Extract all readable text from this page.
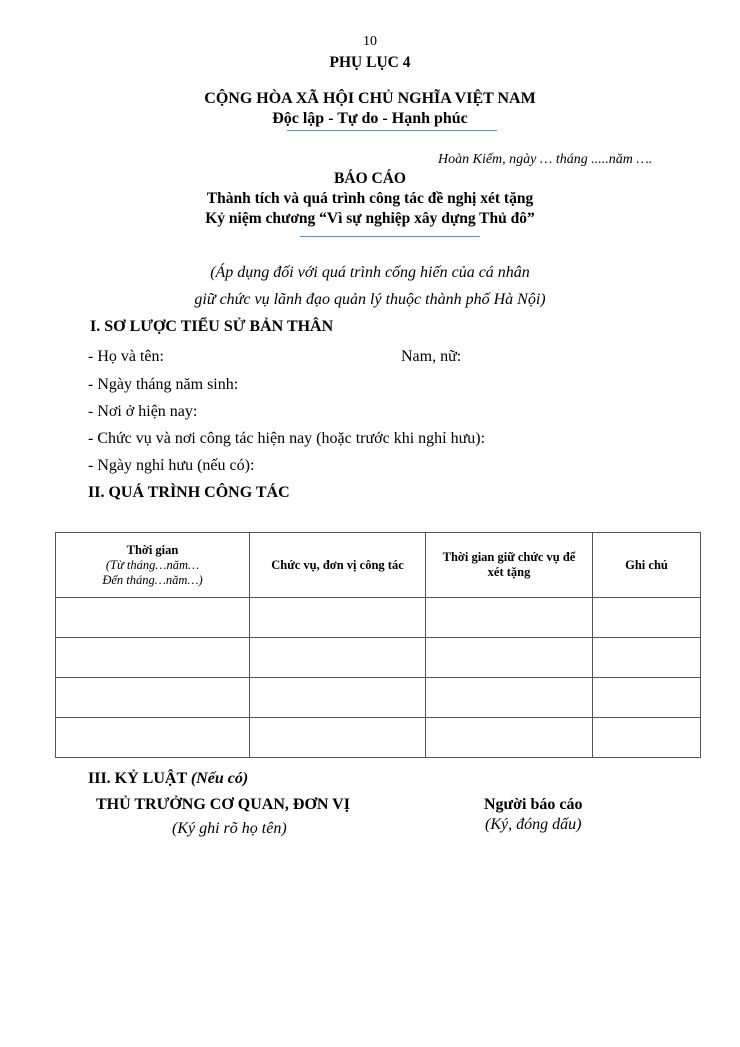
10
PHỤ LỤC 4
CỘNG HÒA XÃ HỘI CHỦ NGHĨA VIỆT NAM
Độc lập - Tự do - Hạnh phúc
Hoàn Kiếm, ngày … tháng .....năm ….
BÁO CÁO
Thành tích và quá trình công tác đề nghị xét tặng
Kỷ niệm chương “Vì sự nghiệp xây dựng Thủ đô”
(Áp dụng đối với quá trình cống hiến của cá nhân
giữ chức vụ lãnh đạo quản lý thuộc thành phố Hà Nội)
I. SƠ LƯỢC TIỂU SỬ BẢN THÂN
- Họ và tên:	Nam, nữ:
- Ngày tháng năm sinh:
- Nơi ở hiện nay:
- Chức vụ và nơi công tác hiện nay (hoặc trước khi nghỉ hưu):
- Ngày nghỉ hưu (nếu có):
II. QUÁ TRÌNH CÔNG TÁC
Thời gian
(Từ tháng…năm…
Đến tháng…năm…)	Chức vụ, đơn vị công tác	Thời gian giữ chức vụ để
xét tặng	Ghi chú

III. KỶ LUẬT (Nếu có)
THỦ TRƯỞNG CƠ QUAN, ĐƠN VỊ
(Ký ghi rõ họ tên)
Người báo cáo
(Ký, đóng dấu)
